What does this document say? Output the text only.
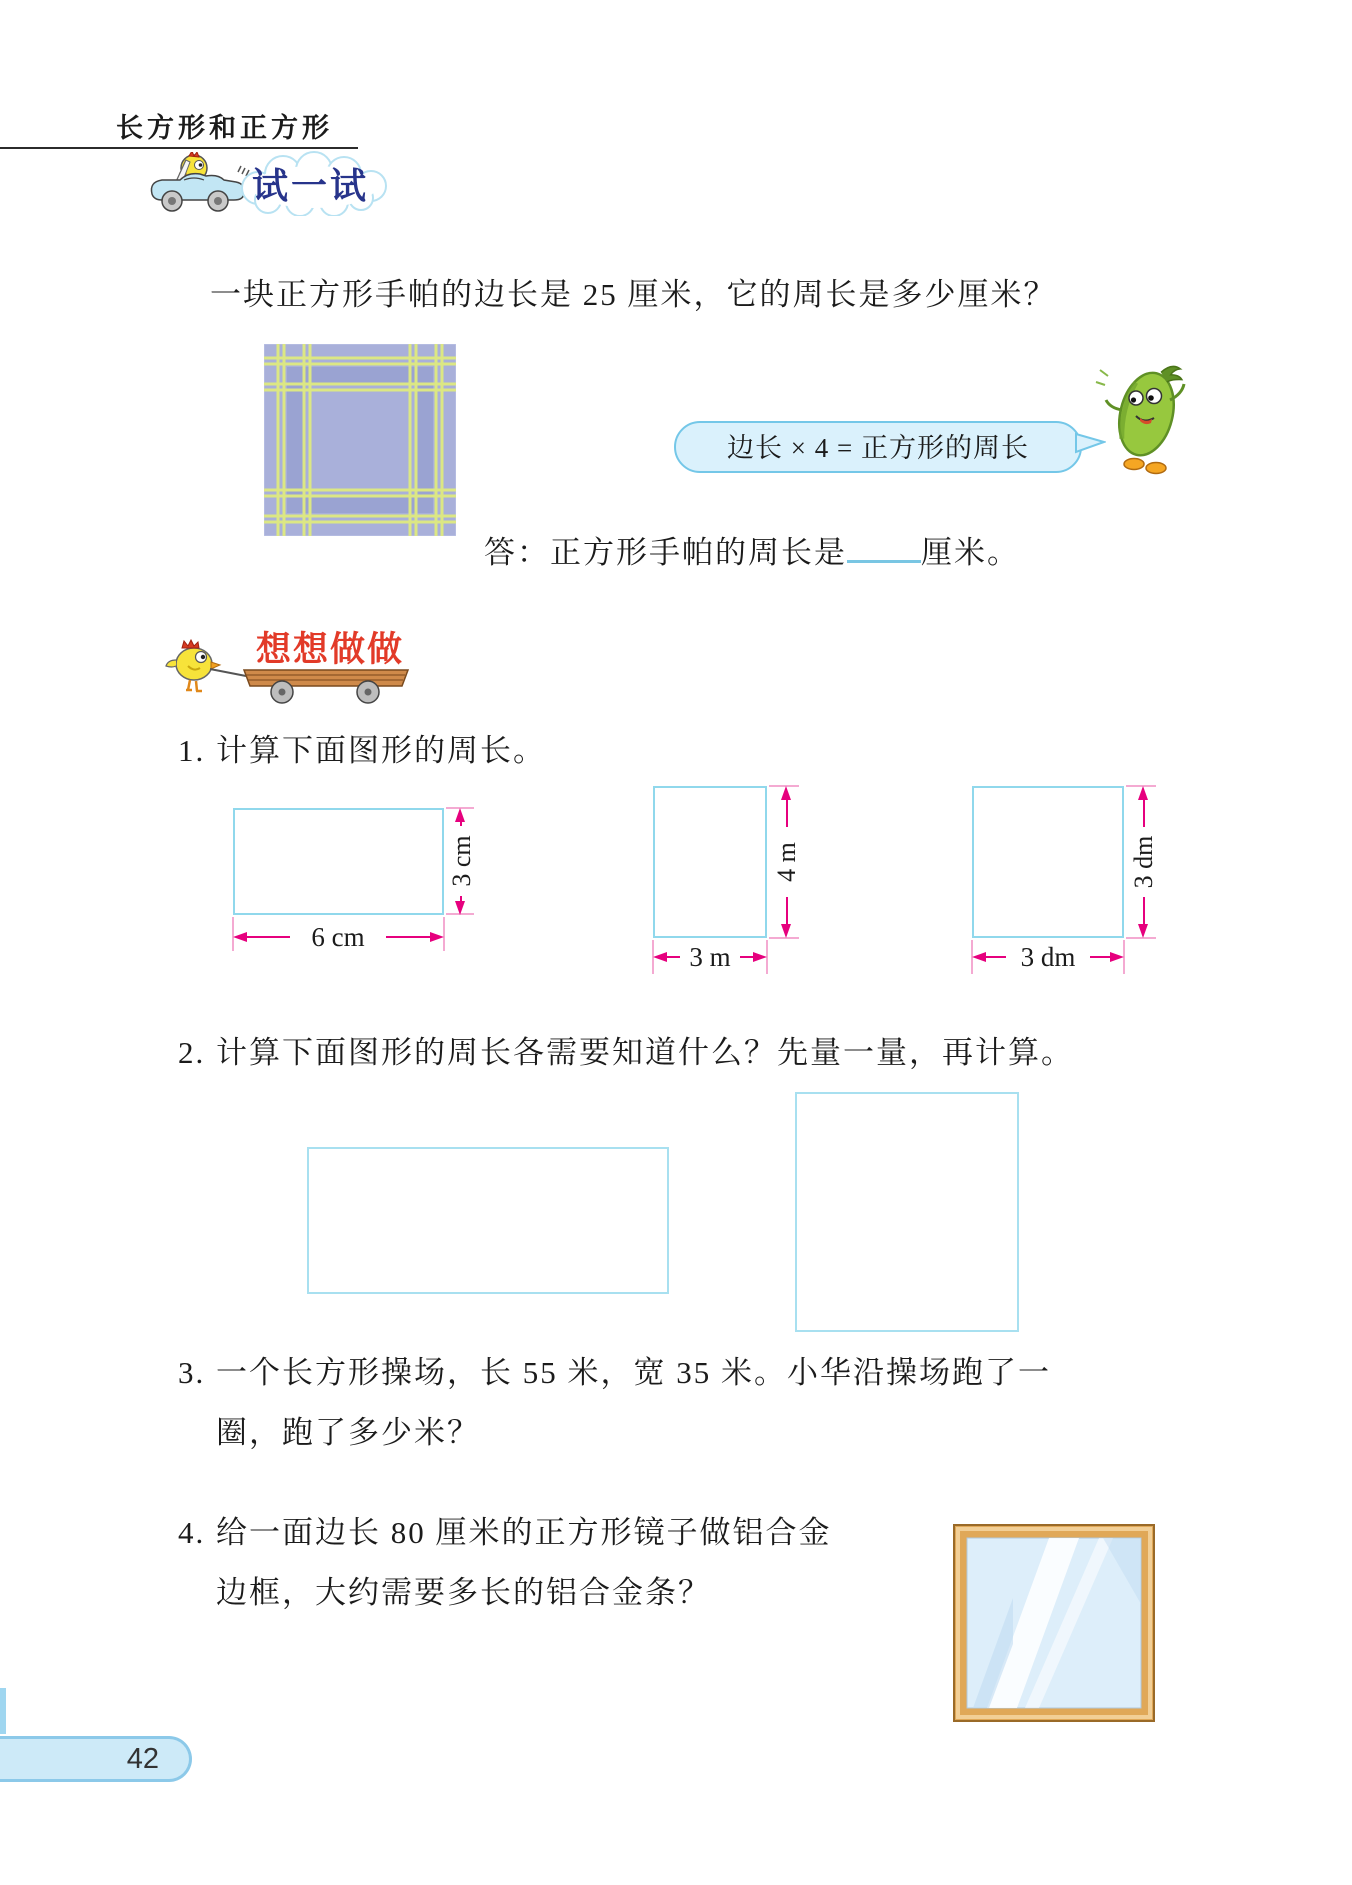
长方形和正方形
试一试
一块正方形手帕的边长是 25 厘米，它的周长是多少厘米？
边长 × 4 = 正方形的周长
答：正方形手帕的周长是 厘米。
想想做做
1. 计算下面图形的周长。
3 cm
6 cm
4 m
3 m
3 dm
3 dm
2. 计算下面图形的周长各需要知道什么？先量一量，再计算。
3. 一个长方形操场，长 55 米，宽 35 米。小华沿操场跑了一
圈，跑了多少米？
4. 给一面边长 80 厘米的正方形镜子做铝合金
边框，大约需要多长的铝合金条？
42
